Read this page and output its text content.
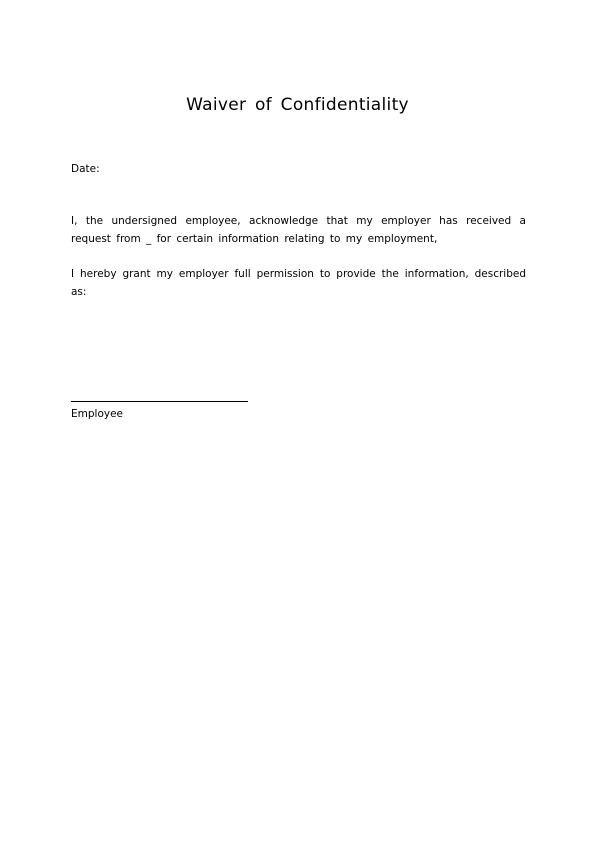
Waiver of Confidentiality
Date:
I, the undersigned employee, acknowledge that my employer has received a request from _ for certain information relating to my employment,
I hereby grant my employer full permission to provide the information, described as:
Employee
